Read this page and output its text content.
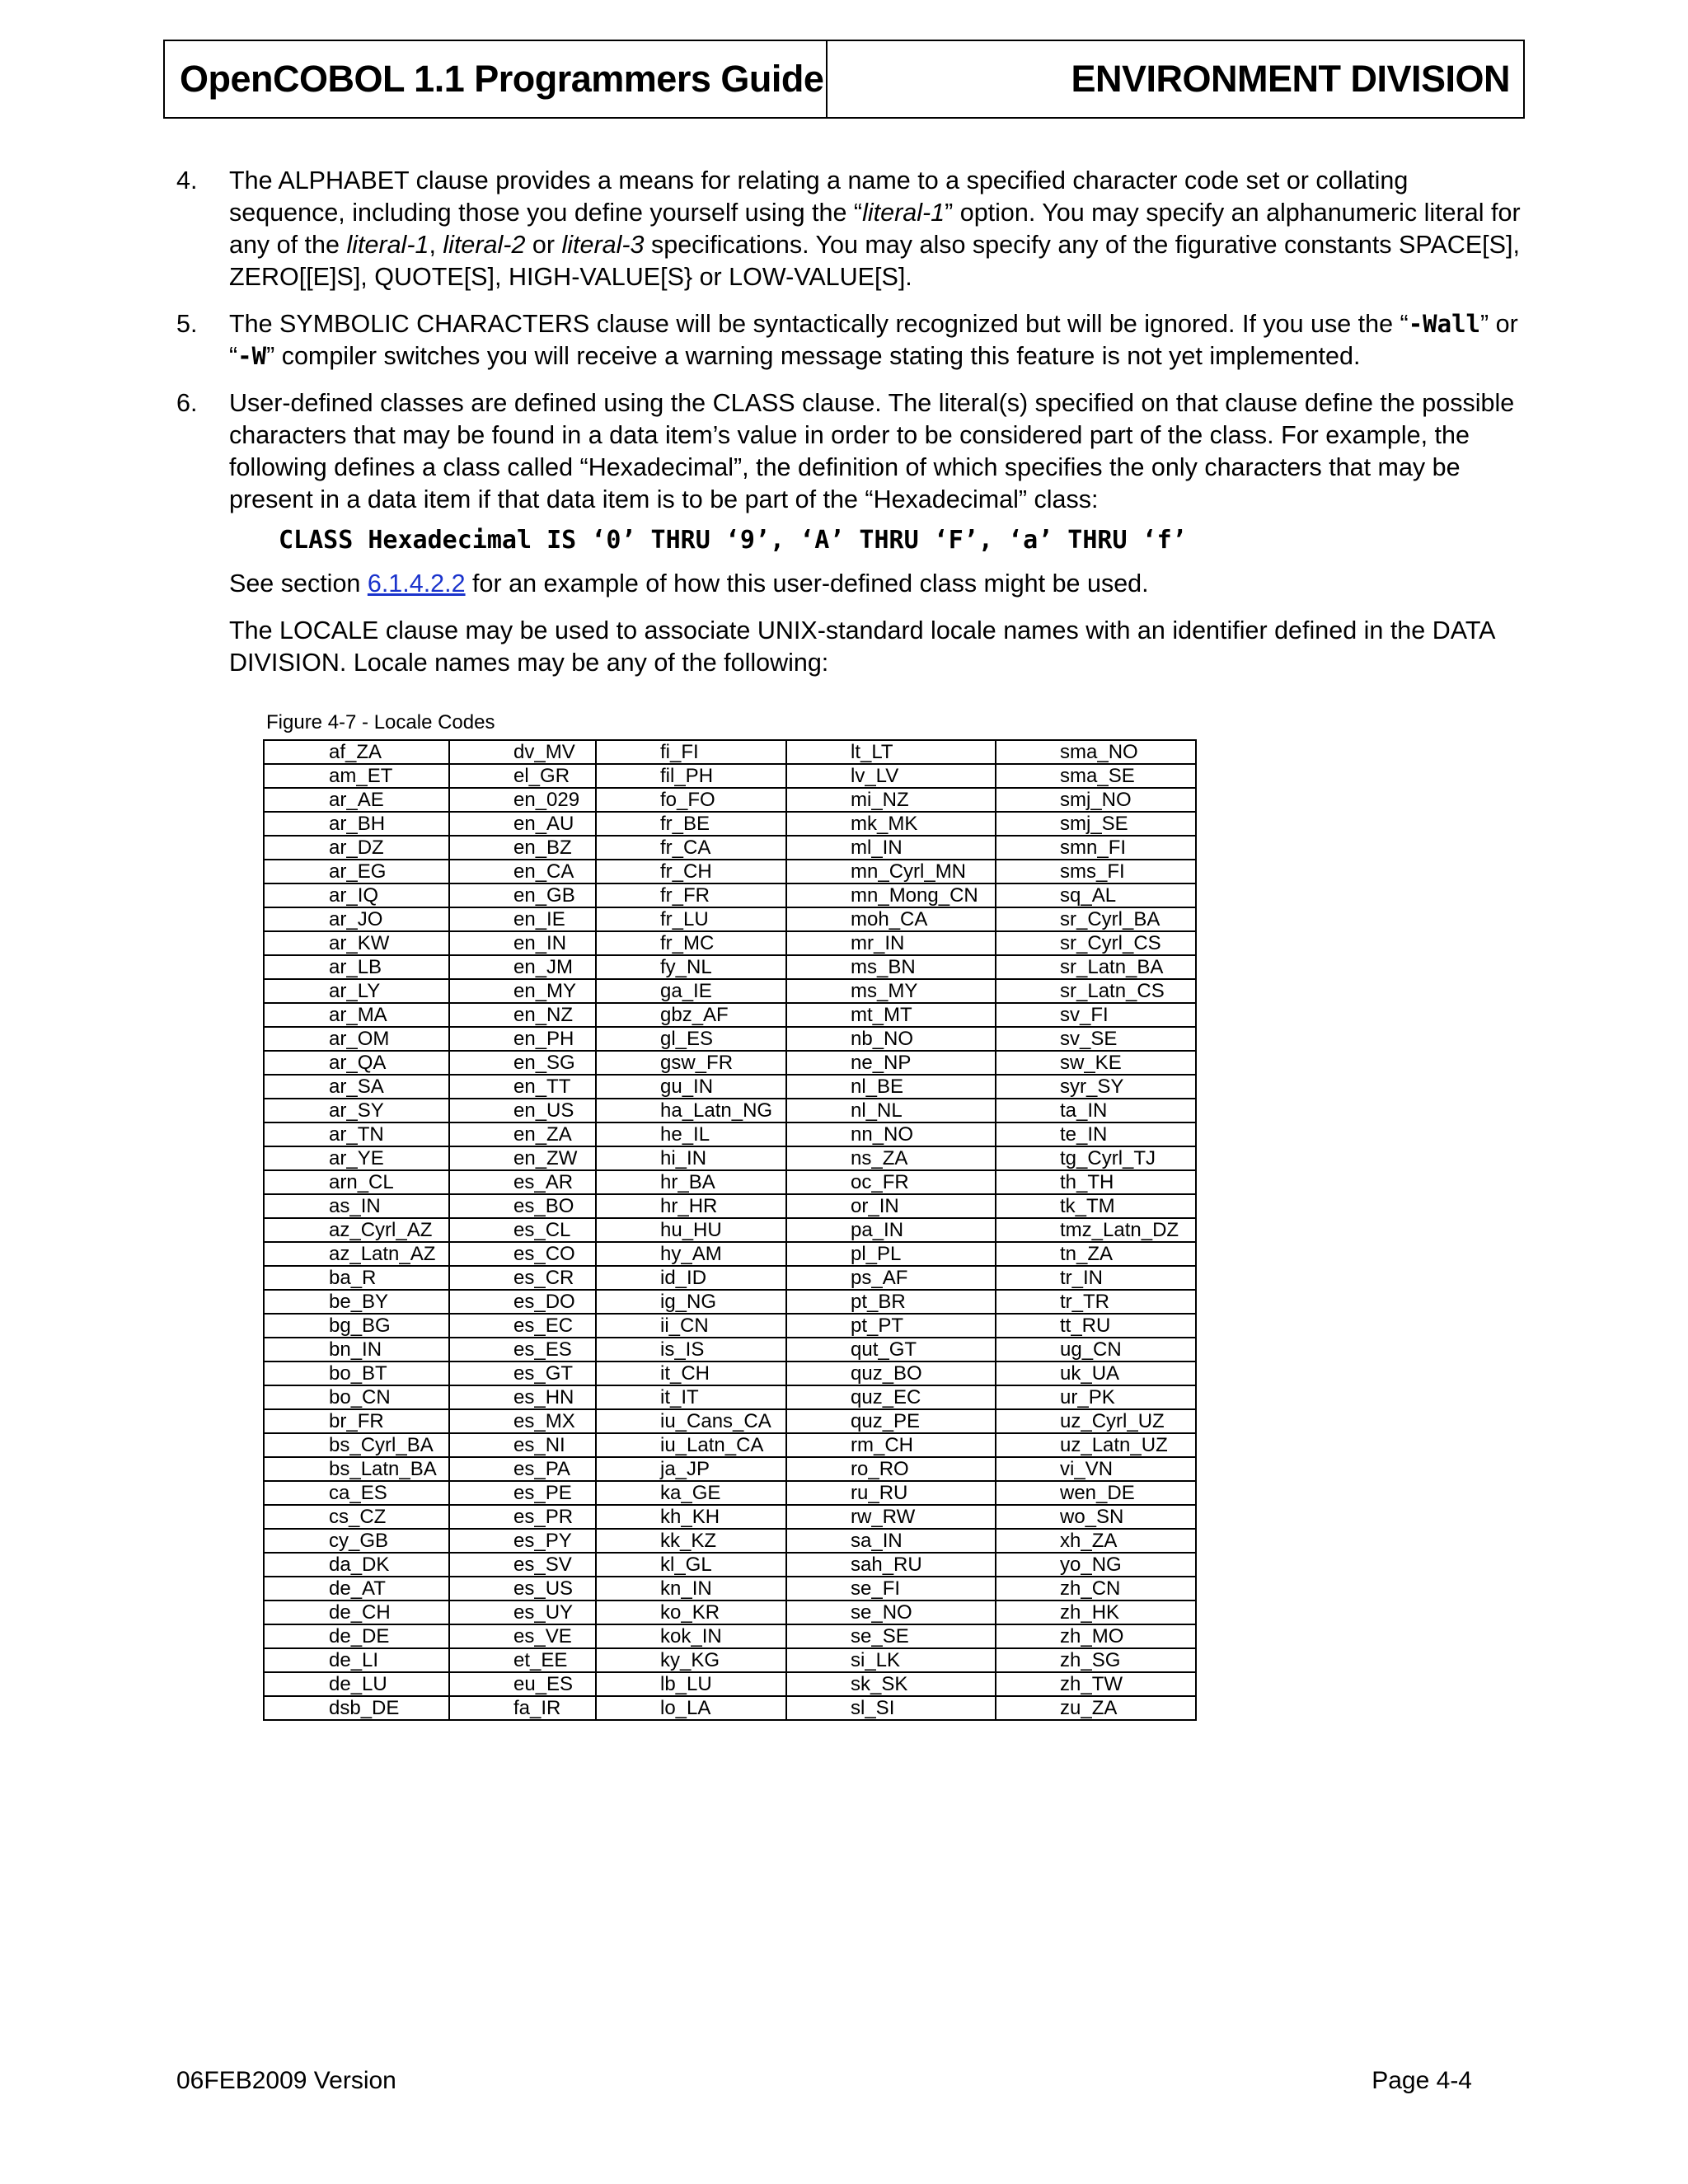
OpenCOBOL 1.1 Programmers Guide	ENVIRONMENT DIVISION
4.	The ALPHABET clause provides a means for relating a name to a specified character code set or collating sequence, including those you define yourself using the “literal-1” option. You may specify an alphanumeric literal for any of the literal-1, literal-2 or literal-3 specifications. You may also specify any of the figurative constants SPACE[S], ZERO[[E]S], QUOTE[S], HIGH-VALUE[S} or LOW-VALUE[S].
5.	The SYMBOLIC CHARACTERS clause will be syntactically recognized but will be ignored. If you use the “-Wall” or “-W” compiler switches you will receive a warning message stating this feature is not yet implemented.
6.	User-defined classes are defined using the CLASS clause. The literal(s) specified on that clause define the possible characters that may be found in a data item’s value in order to be considered part of the class. For example, the following defines a class called “Hexadecimal”, the definition of which specifies the only characters that may be present in a data item if that data item is to be part of the “Hexadecimal” class:
CLASS Hexadecimal IS ‘0’ THRU ‘9’, ‘A’ THRU ‘F’, ‘a’ THRU ‘f’
See section 6.1.4.2.2 for an example of how this user-defined class might be used.
The LOCALE clause may be used to associate UNIX-standard locale names with an identifier defined in the DATA DIVISION. Locale names may be any of the following:
Figure 4-7 - Locale Codes
af_ZA	dv_MV	fi_FI	lt_LT	sma_NO
am_ET	el_GR	fil_PH	lv_LV	sma_SE
ar_AE	en_029	fo_FO	mi_NZ	smj_NO
ar_BH	en_AU	fr_BE	mk_MK	smj_SE
ar_DZ	en_BZ	fr_CA	ml_IN	smn_FI
ar_EG	en_CA	fr_CH	mn_Cyrl_MN	sms_FI
ar_IQ	en_GB	fr_FR	mn_Mong_CN	sq_AL
ar_JO	en_IE	fr_LU	moh_CA	sr_Cyrl_BA
ar_KW	en_IN	fr_MC	mr_IN	sr_Cyrl_CS
ar_LB	en_JM	fy_NL	ms_BN	sr_Latn_BA
ar_LY	en_MY	ga_IE	ms_MY	sr_Latn_CS
ar_MA	en_NZ	gbz_AF	mt_MT	sv_FI
ar_OM	en_PH	gl_ES	nb_NO	sv_SE
ar_QA	en_SG	gsw_FR	ne_NP	sw_KE
ar_SA	en_TT	gu_IN	nl_BE	syr_SY
ar_SY	en_US	ha_Latn_NG	nl_NL	ta_IN
ar_TN	en_ZA	he_IL	nn_NO	te_IN
ar_YE	en_ZW	hi_IN	ns_ZA	tg_Cyrl_TJ
arn_CL	es_AR	hr_BA	oc_FR	th_TH
as_IN	es_BO	hr_HR	or_IN	tk_TM
az_Cyrl_AZ	es_CL	hu_HU	pa_IN	tmz_Latn_DZ
az_Latn_AZ	es_CO	hy_AM	pl_PL	tn_ZA
ba_R	es_CR	id_ID	ps_AF	tr_IN
be_BY	es_DO	ig_NG	pt_BR	tr_TR
bg_BG	es_EC	ii_CN	pt_PT	tt_RU
bn_IN	es_ES	is_IS	qut_GT	ug_CN
bo_BT	es_GT	it_CH	quz_BO	uk_UA
bo_CN	es_HN	it_IT	quz_EC	ur_PK
br_FR	es_MX	iu_Cans_CA	quz_PE	uz_Cyrl_UZ
bs_Cyrl_BA	es_NI	iu_Latn_CA	rm_CH	uz_Latn_UZ
bs_Latn_BA	es_PA	ja_JP	ro_RO	vi_VN
ca_ES	es_PE	ka_GE	ru_RU	wen_DE
cs_CZ	es_PR	kh_KH	rw_RW	wo_SN
cy_GB	es_PY	kk_KZ	sa_IN	xh_ZA
da_DK	es_SV	kl_GL	sah_RU	yo_NG
de_AT	es_US	kn_IN	se_FI	zh_CN
de_CH	es_UY	ko_KR	se_NO	zh_HK
de_DE	es_VE	kok_IN	se_SE	zh_MO
de_LI	et_EE	ky_KG	si_LK	zh_SG
de_LU	eu_ES	lb_LU	sk_SK	zh_TW
dsb_DE	fa_IR	lo_LA	sl_SI	zu_ZA
06FEB2009 Version	Page 4-4
